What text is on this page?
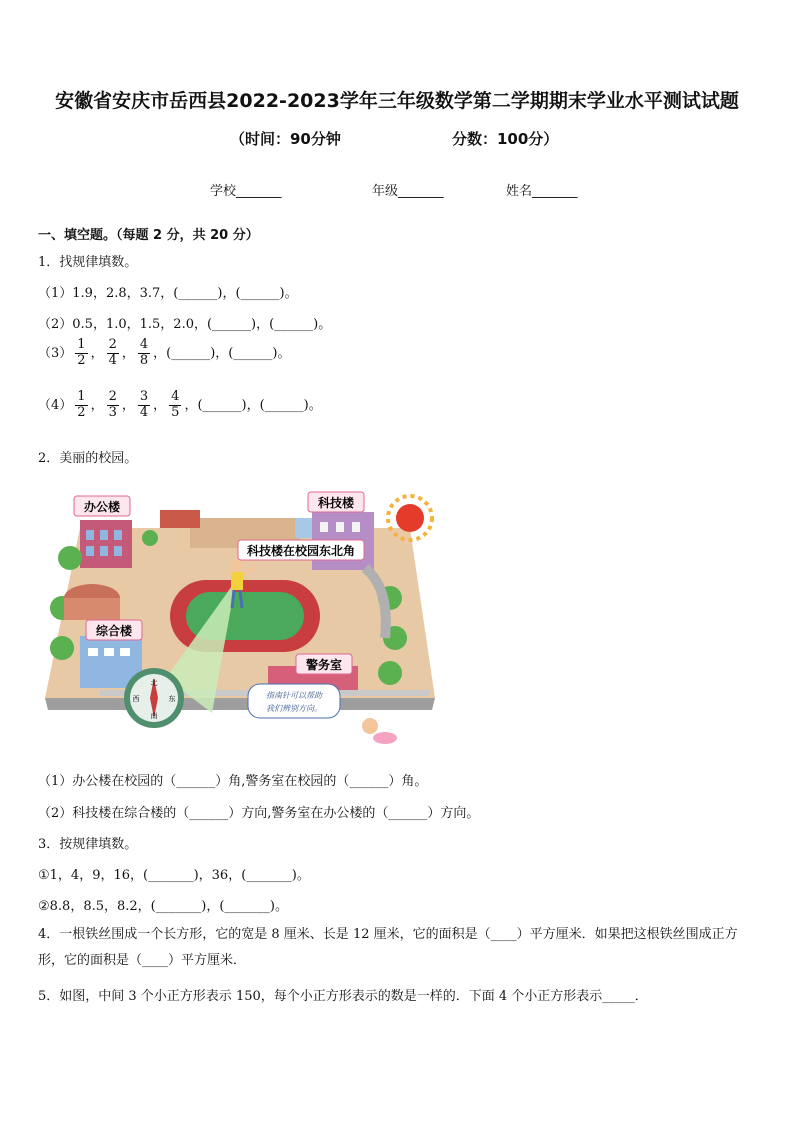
安徽省安庆市岳西县2022-2023学年三年级数学第二学期期末学业水平测试试题
（时间：90分钟	分数：100分）
学校_______	年级_______	姓名_______
一、填空题。（每题 2 分，共 20 分）
1．找规律填数。
（1）1.9，2.8，3.7，(______)，(______)。
（2）0.5，1.0，1.5，2.0，(______)，(______)。
$(3) \frac{1}{2}$ ， $\frac{2}{4}$ ， $\frac{4}{8}$ ，(______)，(______)。
$(4) \frac{1}{2}$ ， $\frac{2}{3}$ ， $\frac{3}{4}$ ， $\frac{4}{5}$ ，(______)，(______)。
2．美丽的校园。
办公楼	科技楼
科技楼在校园东北角
综合楼
警务室
北
南
东
西	指南针可以帮助
我们辨别方向。
（1）办公楼在校园的（______）角,警务室在校园的（______）角。
（2）科技楼在综合楼的（______）方向,警务室在办公楼的（______）方向。
3．按规律填数。
①1，4，9，16，(_______)，36，(_______)。
②8.8，8.5，8.2，(_______)，(_______)。
4．一根铁丝围成一个长方形，它的宽是 8 厘米、长是 12 厘米，它的面积是（____）平方厘米．如果把这根铁丝围成正方形，它的面积是（____）平方厘米．
5．如图，中间 3 个小正方形表示 150，每个小正方形表示的数是一样的．下面 4 个小正方形表示_____．
